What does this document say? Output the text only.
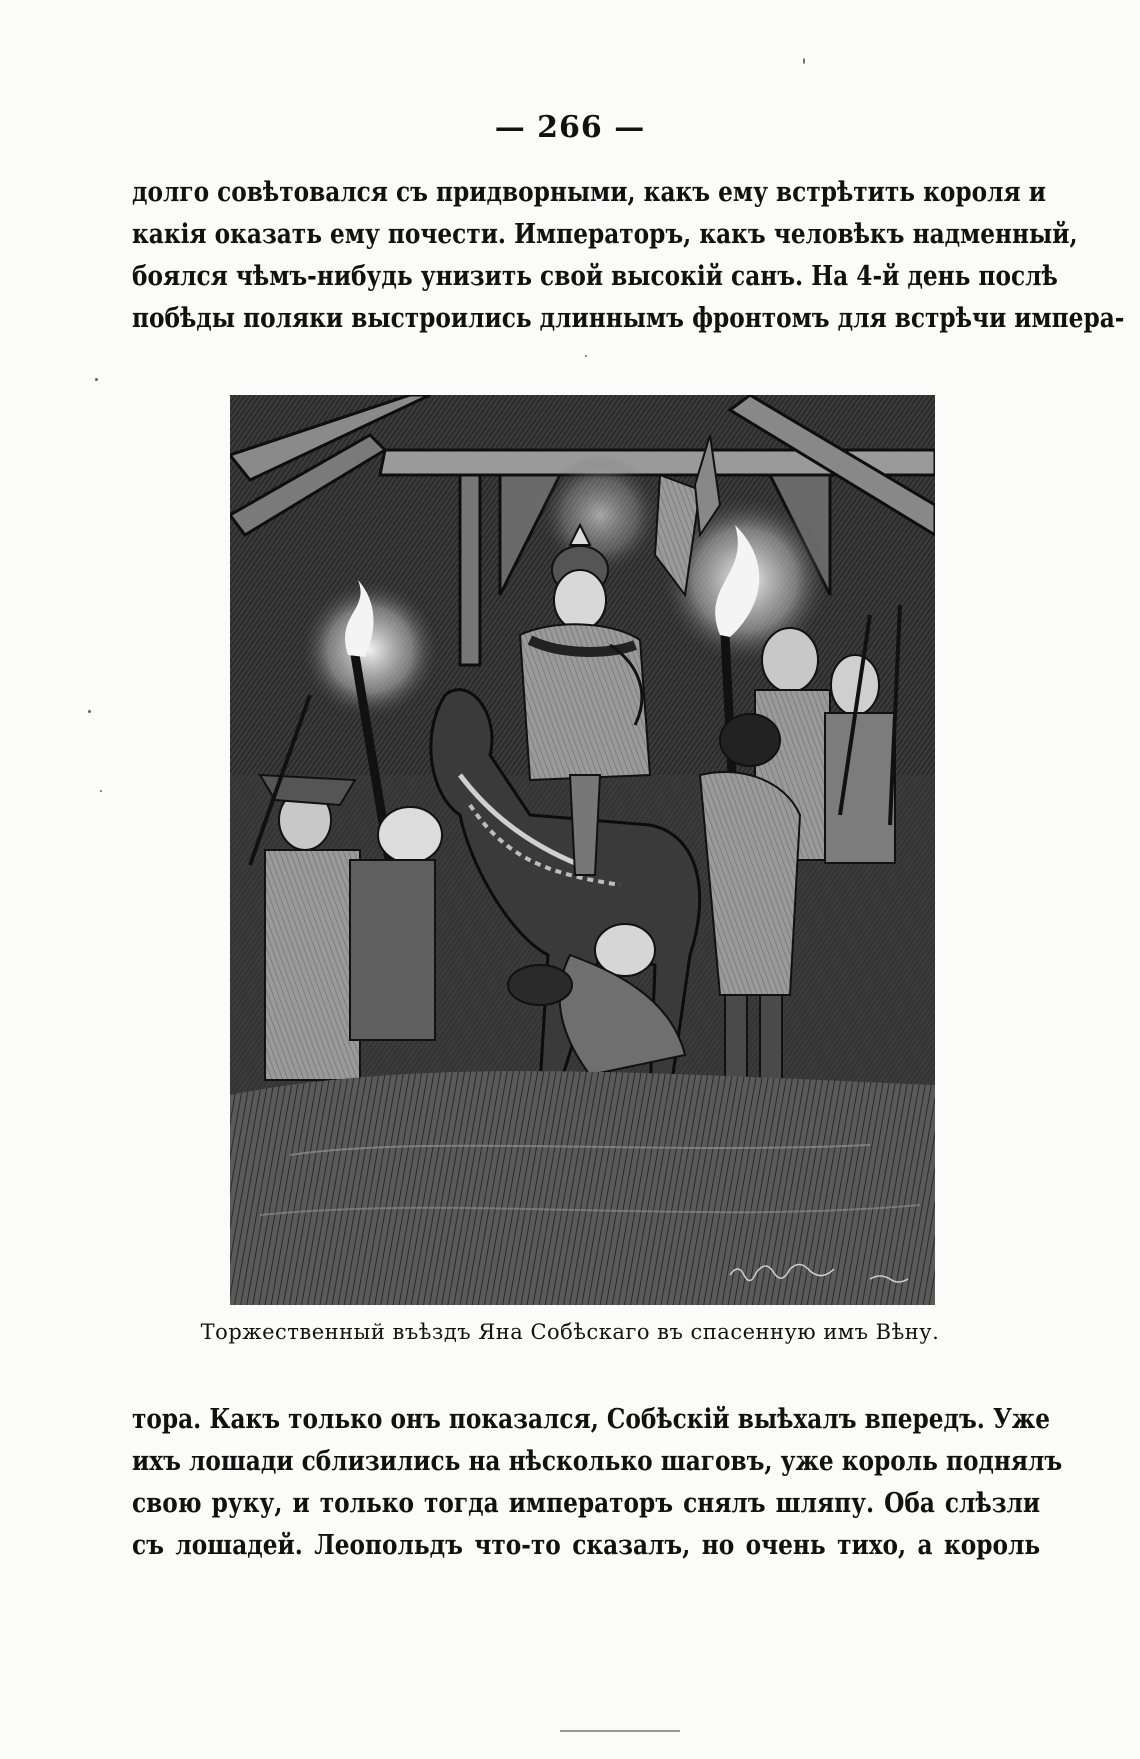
— 266 —
долго совѣтовался съ придворными, какъ ему встрѣтить короля и
какія оказать ему почести. Императоръ, какъ человѣкъ надменный,
боялся чѣмъ-нибудь унизить свой высокій санъ. На 4-й день послѣ
побѣды поляки выстроились длиннымъ фронтомъ для встрѣчи импера-
Торжественный въѣздъ Яна Собѣскаго въ спасенную имъ Вѣну.
тора. Какъ только онъ показался, Собѣскій выѣхалъ впередъ. Уже
ихъ лошади сблизились на нѣсколько шаговъ, уже король поднялъ
свою руку, и только тогда императоръ снялъ шляпу. Оба слѣзли
съ лошадей. Леопольдъ что-то сказалъ, но очень тихо, а король
